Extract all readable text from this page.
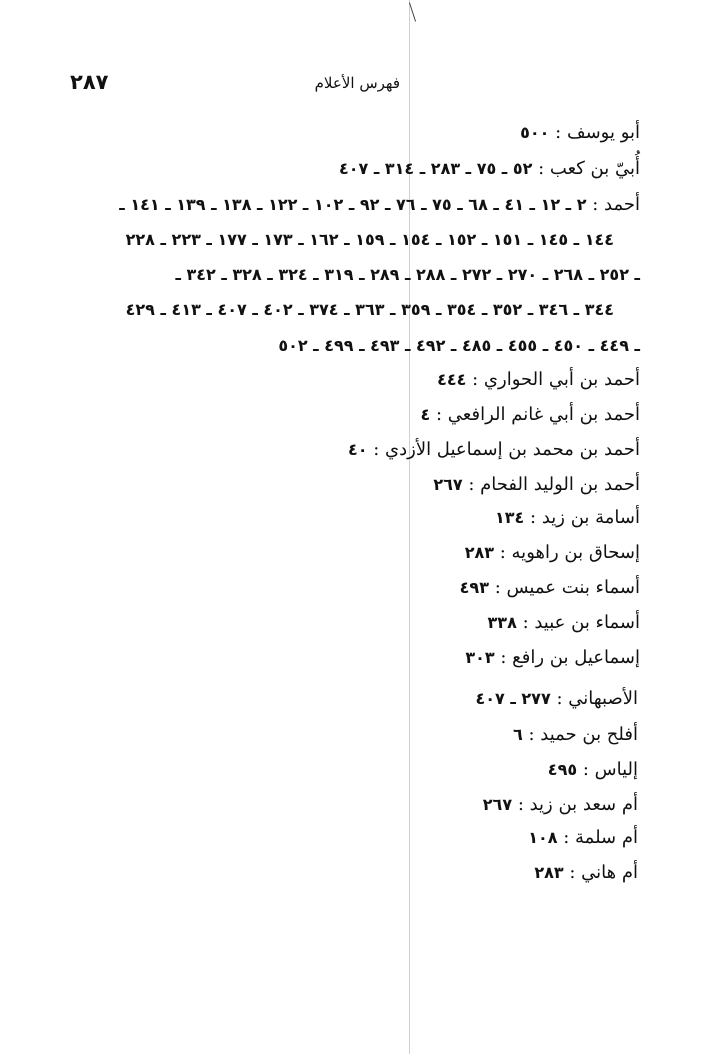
٢٨٧	فهرس الأعلام
أبو يوسف : ٥٠٠
أُبيّ بن كعب : ٥٢ ـ ٧٥ ـ ٢٨٣ ـ ٣١٤ ـ ٤٠٧
أحمد : ٢ ـ ١٢ ـ ٤١ ـ ٦٨ ـ ٧٥ ـ ٧٦ ـ ٩٢ ـ ١٠٢ ـ ١٢٢ ـ ١٣٨ ـ ١٣٩ ـ ١٤١ ـ
١٤٤ ـ ١٤٥ ـ ١٥١ ـ ١٥٢ ـ ١٥٤ ـ ١٥٩ ـ ١٦٢ ـ ١٧٣ ـ ١٧٧ ـ ٢٢٣ ـ ٢٢٨
ـ ٢٥٢ ـ ٢٦٨ ـ ٢٧٠ ـ ٢٧٢ ـ ٢٨٨ ـ ٢٨٩ ـ ٣١٩ ـ ٣٢٤ ـ ٣٢٨ ـ ٣٤٢ ـ
٣٤٤ ـ ٣٤٦ ـ ٣٥٢ ـ ٣٥٤ ـ ٣٥٩ ـ ٣٦٣ ـ ٣٧٤ ـ ٤٠٢ ـ ٤٠٧ ـ ٤١٣ ـ ٤٢٩
ـ ٤٤٩ ـ ٤٥٠ ـ ٤٥٥ ـ ٤٨٥ ـ ٤٩٢ ـ ٤٩٣ ـ ٤٩٩ ـ ٥٠٢
أحمد بن أبي الحواري : ٤٤٤
أحمد بن أبي غانم الرافعي : ٤
أحمد بن محمد بن إسماعيل الأزدي : ٤٠
أحمد بن الوليد الفحام : ٢٦٧
أسامة بن زيد : ١٣٤
إسحاق بن راهويه : ٢٨٣
أسماء بنت عميس : ٤٩٣
أسماء بن عبيد : ٣٣٨
إسماعيل بن رافع : ٣٠٣
الأصبهاني : ٢٧٧ ـ ٤٠٧
أفلح بن حميد : ٦
إلياس : ٤٩٥
أم سعد بن زيد : ٢٦٧
أم سلمة : ١٠٨
أم هاني : ٢٨٣
